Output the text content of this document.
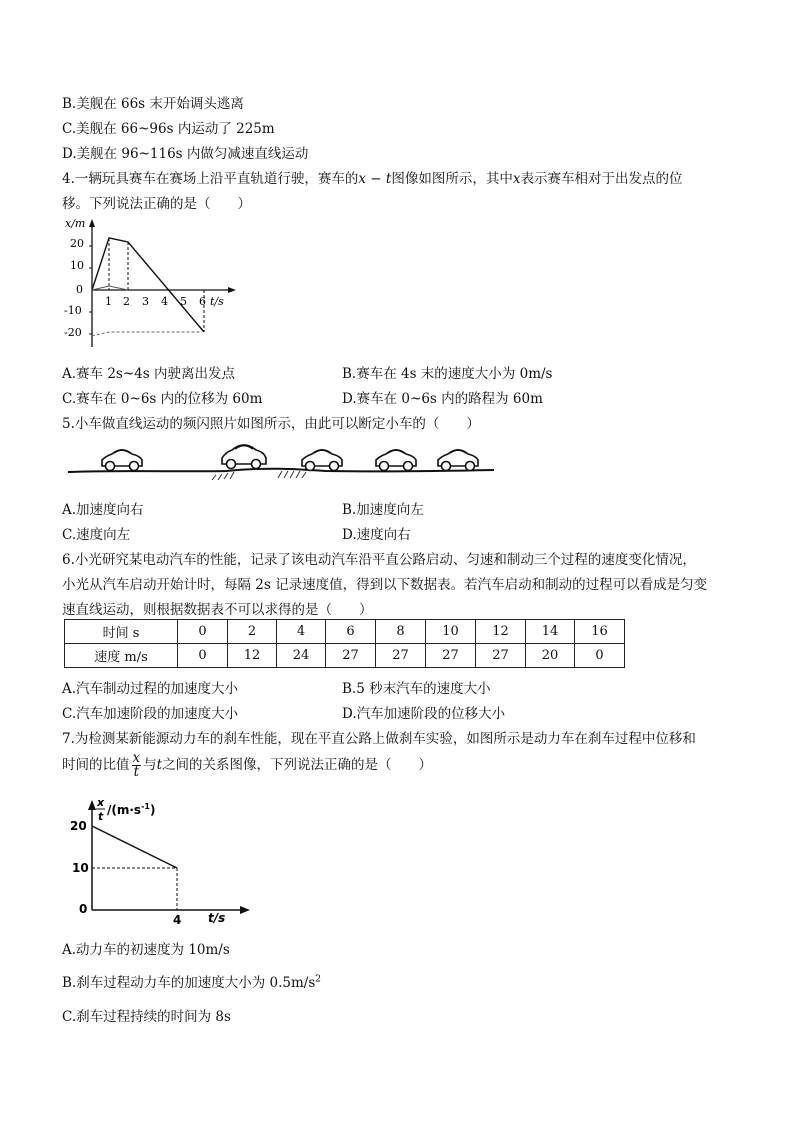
B.美舰在 66s 末开始调头逃离
C.美舰在 66~96s 内运动了 225m
D.美舰在 96~116s 内做匀减速直线运动
4.一辆玩具赛车在赛场上沿平直轨道行驶，赛车的x − t图像如图所示，其中x表示赛车相对于出发点的位
移。下列说法正确的是（　　）
x/m
20
10
0
-10
-20
1 2 3 4 5 6 t/s
A.赛车 2s~4s 内驶离出发点	B.赛车在 4s 末的速度大小为 0m/s
C.赛车在 0~6s 内的位移为 60m	D.赛车在 0~6s 内的路程为 60m
5.小车做直线运动的频闪照片如图所示，由此可以断定小车的（　　）
A.加速度向右	B.加速度向左
C.速度向左	D.速度向右
6.小光研究某电动汽车的性能，记录了该电动汽车沿平直公路启动、匀速和制动三个过程的速度变化情况，
小光从汽车启动开始计时，每隔 2s 记录速度值，得到以下数据表。若汽车启动和制动的过程可以看成是匀变
速直线运动，则根据数据表不可以求得的是（　　）
时间 s	0	2	4	6	8	10	12	14	16
速度 m/s	0	12	24	27	27	27	27	20	0
A.汽车制动过程的加速度大小	B.5 秒末汽车的速度大小
C.汽车加速阶段的加速度大小	D.汽车加速阶段的位移大小
7.为检测某新能源动力车的刹车性能，现在平直公路上做刹车实验，如图所示是动力车在刹车过程中位移和
时间的比值 $\frac{x}{t}$ 与t之间的关系图像，下列说法正确的是（　　）
x
t $/(m\cdot s^{-1})$
20
10
0
4 t/s
A.动力车的初速度为 10m/s
B.刹车过程动力车的加速度大小为 $0.5m/s^2$
C.刹车过程持续的时间为 8s
